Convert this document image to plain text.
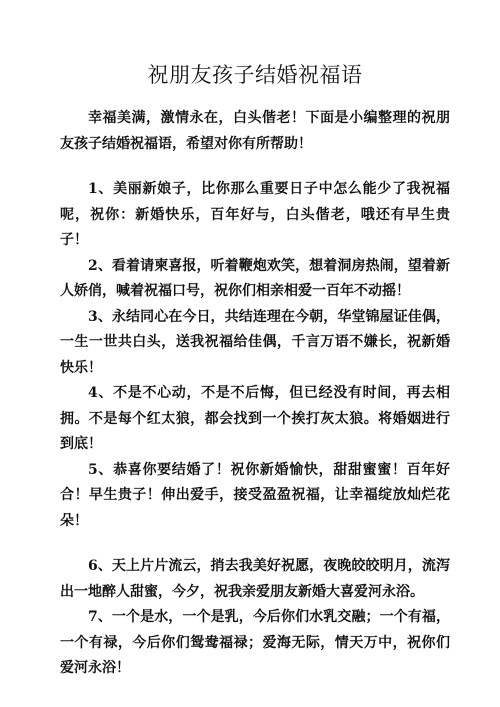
祝朋友孩子结婚祝福语

幸福美满，激情永在，白头偕老！下面是小编整理的祝朋友孩子结婚祝福语，希望对你有所帮助！

1、美丽新娘子，比你那么重要日子中怎么能少了我祝福呢，祝你：新婚快乐，百年好与，白头偕老，哦还有早生贵子！

2、看着请柬喜报，听着鞭炮欢笑，想着洞房热闹，望着新人娇俏，喊着祝福口号，祝你们相亲相爱一百年不动摇！

3、永结同心在今日，共结连理在今朝，华堂锦屋证佳偶，一生一世共白头，送我祝福给佳偶，千言万语不嫌长，祝新婚快乐！

4、不是不心动，不是不后悔，但已经没有时间，再去相拥。不是每个红太狼，都会找到一个挨打灰太狼。将婚姻进行到底！

5、恭喜你要结婚了！祝你新婚愉快，甜甜蜜蜜！百年好合！早生贵子！伸出爱手，接受盈盈祝福，让幸福绽放灿烂花朵！

6、天上片片流云，捎去我美好祝愿，夜晚皎皎明月，流泻出一地醉人甜蜜，今夕，祝我亲爱朋友新婚大喜爱河永浴。

7、一个是水，一个是乳，今后你们水乳交融；一个有福，一个有禄，今后你们鸳鸯福禄；爱海无际，情天万中，祝你们爱河永浴！
